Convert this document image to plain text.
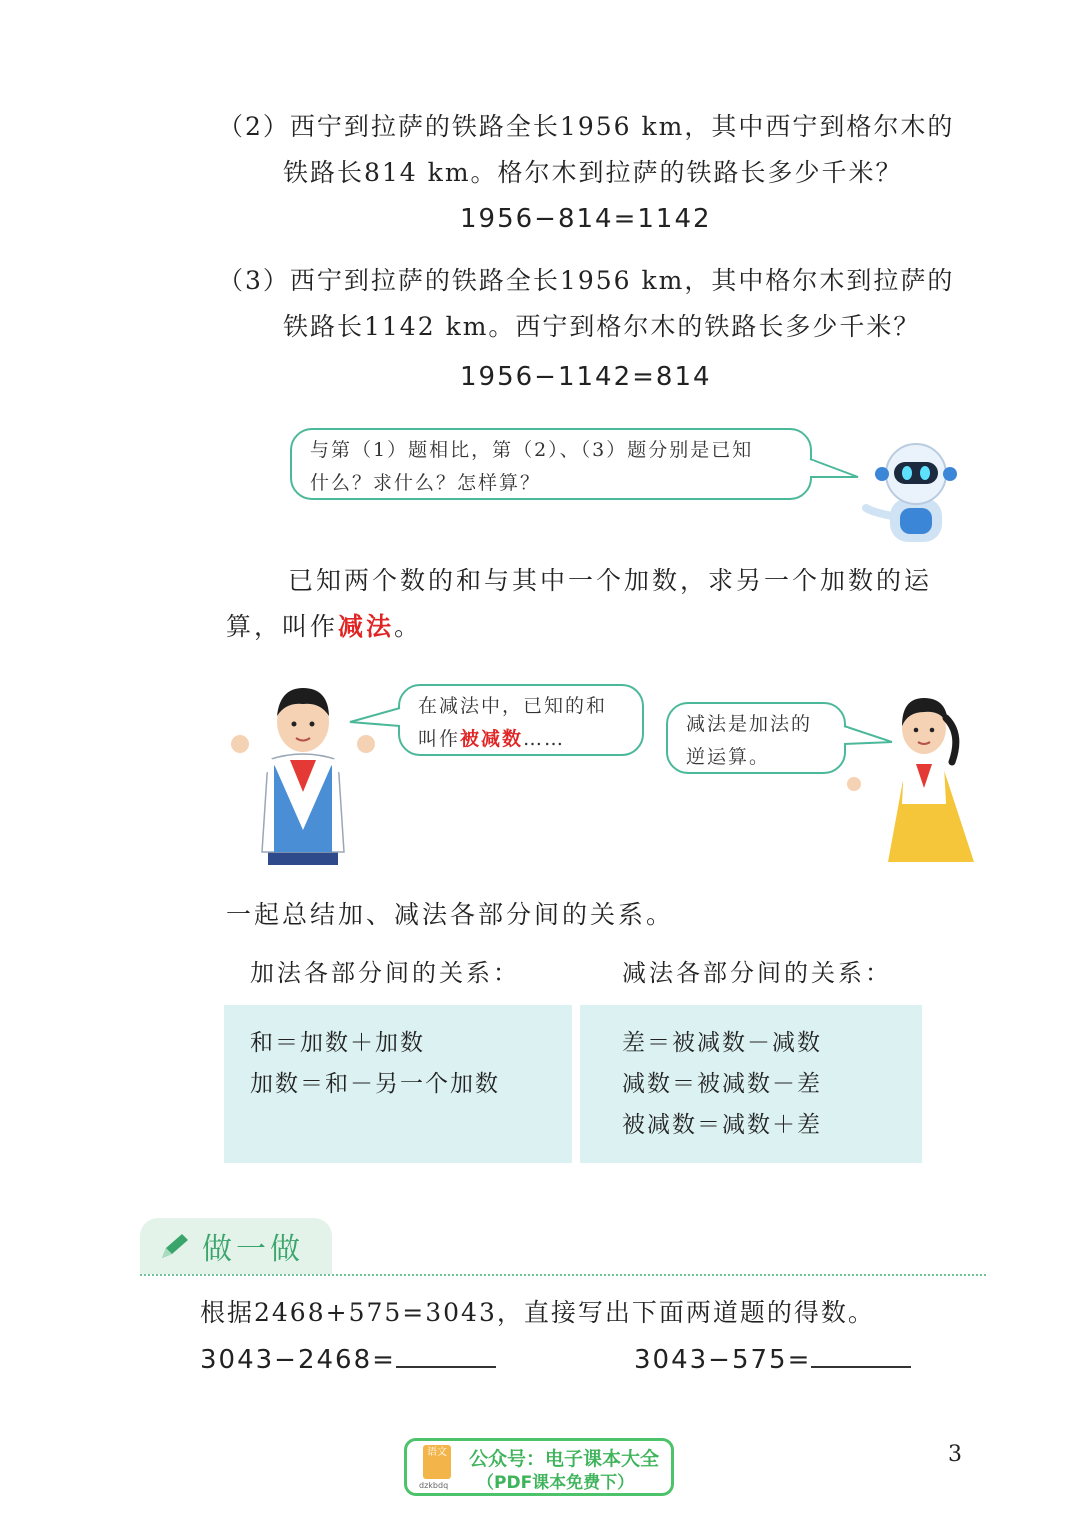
（2）西宁到拉萨的铁路全长1956 km，其中西宁到格尔木的
铁路长814 km。格尔木到拉萨的铁路长多少千米？
1956−814=1142
（3）西宁到拉萨的铁路全长1956 km，其中格尔木到拉萨的
铁路长1142 km。西宁到格尔木的铁路长多少千米？
1956−1142=814
与第（1）题相比，第（2）、（3）题分别是已知
什么？求什么？怎样算？
已知两个数的和与其中一个加数，求另一个加数的运
算，叫作减法。
在减法中，已知的和
叫作被减数……
减法是加法的
逆运算。
一起总结加、减法各部分间的关系。
加法各部分间的关系：
和＝加数＋加数
加数＝和－另一个加数
减法各部分间的关系：
差＝被减数－减数
减数＝被减数－差
被减数＝减数＋差
做一做
根据2468+575=3043，直接写出下面两道题的得数。
3043−2468=	3043−575=
语文
dzkbdq
公众号：电子课本大全
（PDF课本免费下）
3
